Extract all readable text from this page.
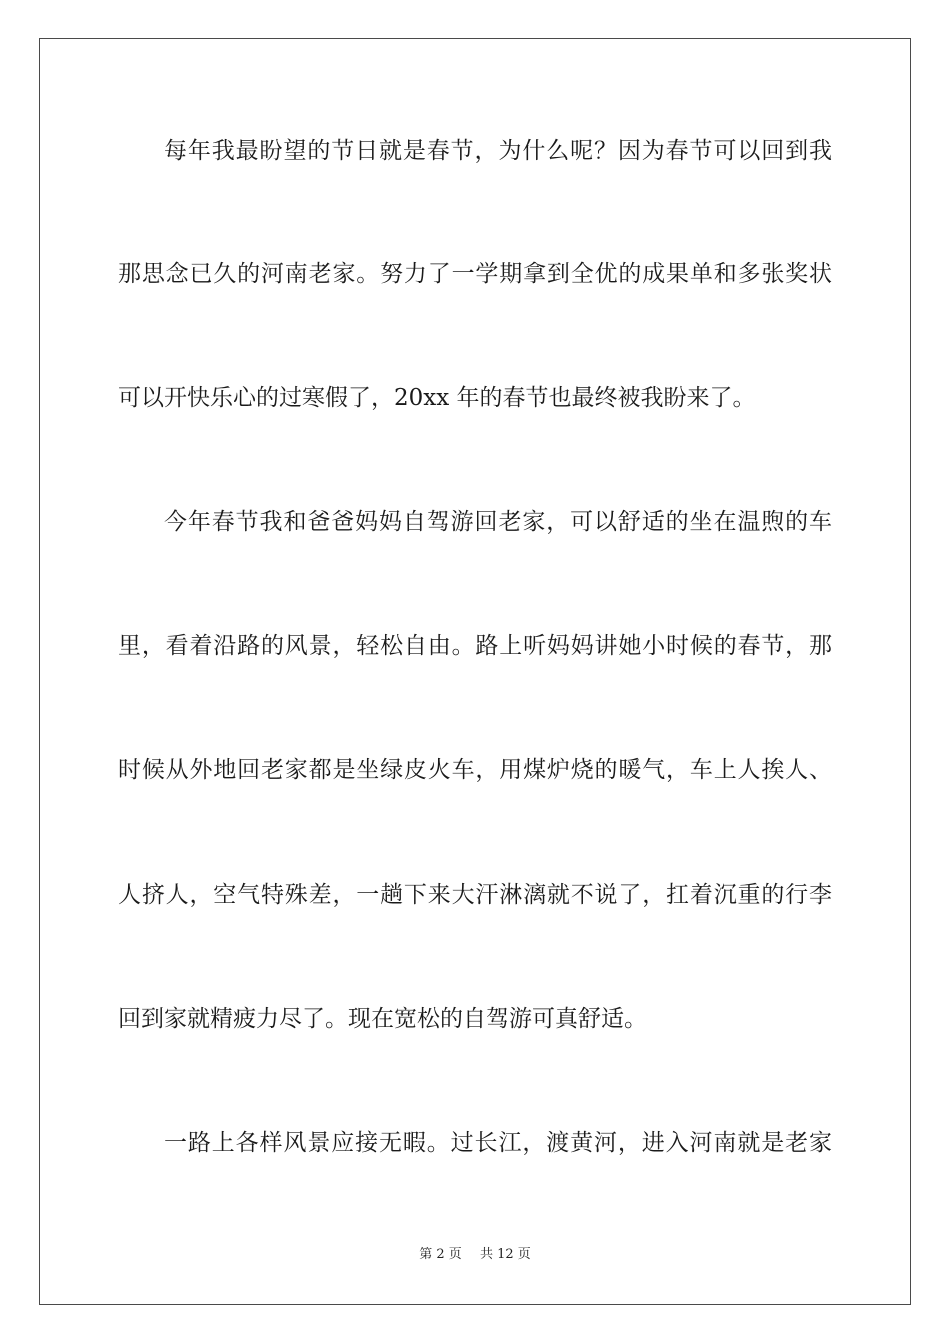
每年我最盼望的节日就是春节，为什么呢？因为春节可以回到我
那思念已久的河南老家。努力了一学期拿到全优的成果单和多张奖状
可以开快乐心的过寒假了，20xx 年的春节也最终被我盼来了。
今年春节我和爸爸妈妈自驾游回老家，可以舒适的坐在温煦的车
里，看着沿路的风景，轻松自由。路上听妈妈讲她小时候的春节，那
时候从外地回老家都是坐绿皮火车，用煤炉烧的暖气，车上人挨人、
人挤人，空气特殊差，一趟下来大汗淋漓就不说了，扛着沉重的行李
回到家就精疲力尽了。现在宽松的自驾游可真舒适。
一路上各样风景应接无暇。过长江，渡黄河，进入河南就是老家
第 2 页 共 12 页
